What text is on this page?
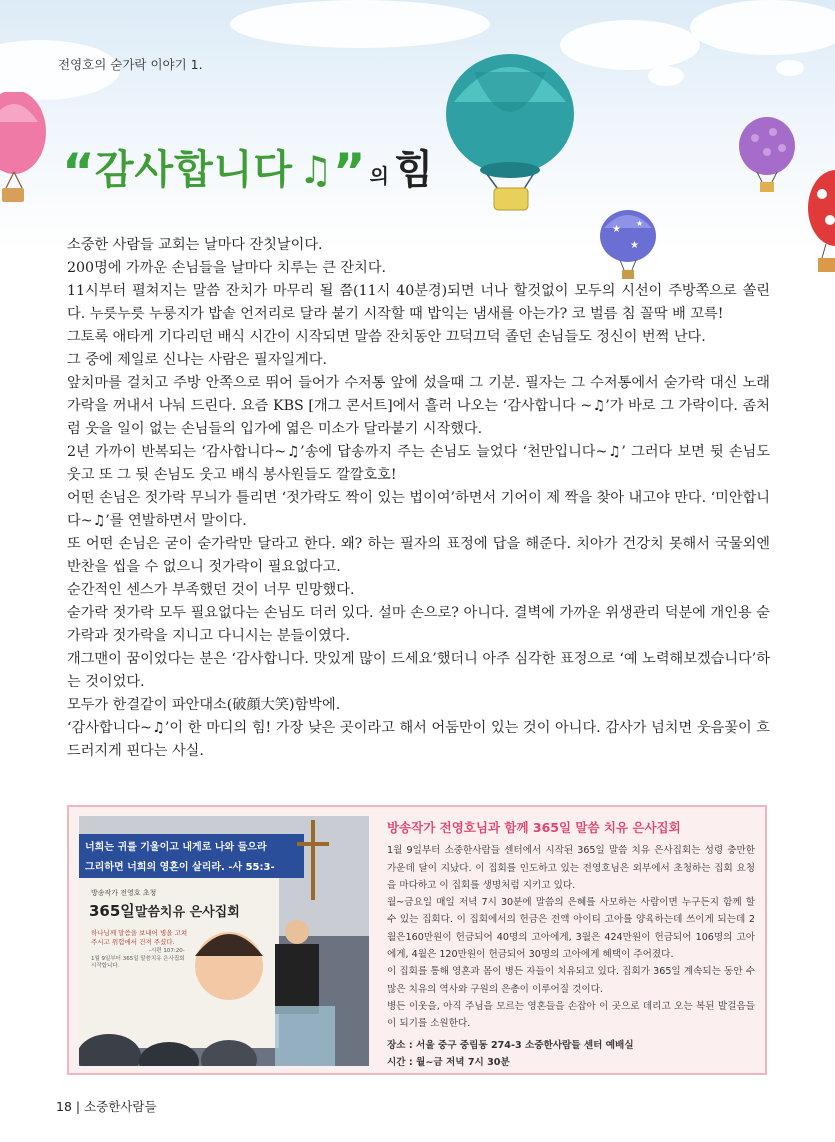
전영호의 숟가락 이야기 1.
★
★
★
“감사합니다 ♫” 의 힘

소중한 사람들 교회는 날마다 잔칫날이다.

200명에 가까운 손님들을 날마다 치루는 큰 잔치다.

11시부터 펼쳐지는 말씀 잔치가 마무리 될 쯤(11시 40분경)되면 너나 할것없이 모두의 시선이 주방쪽으로 쏠린다. 누릇누릇 누룽지가 밥솥 언저리로 달라 붙기 시작할 때 밥익는 냄새를 아는가? 코 벌름 침 꼴딱 배 꼬륵!

그토록 애타게 기다리던 배식 시간이 시작되면 말씀 잔치동안 끄덕끄덕 졸던 손님들도 정신이 번쩍 난다.

그 중에 제일로 신나는 사람은 필자일게다.

앞치마를 걸치고 주방 안쪽으로 뛰어 들어가 수저통 앞에 섰을때 그 기분. 필자는 그 수저통에서 숟가락 대신 노래가락을 꺼내서 나눠 드린다. 요즘 KBS [개그 콘서트]에서 흘러 나오는 ‘감사합니다 ~♫’가 바로 그 가락이다. 좀처럼 웃을 일이 없는 손님들의 입가에 엷은 미소가 달라붙기 시작했다.

2년 가까이 반복되는 ‘감사합니다~♫’송에 답송까지 주는 손님도 늘었다 ‘천만입니다~♫’ 그러다 보면 뒷 손님도 웃고 또 그 뒷 손님도 웃고 배식 봉사원들도 깔깔호호!

어떤 손님은 젓가락 무늬가 틀리면 ‘젓가락도 짝이 있는 법이여’하면서 기어이 제 짝을 찾아 내고야 만다. ‘미안합니다~♫’를 연발하면서 말이다.

또 어떤 손님은 굳이 숟가락만 달라고 한다. 왜? 하는 필자의 표정에 답을 해준다. 치아가 건강치 못해서 국물외엔 반찬을 씹을 수 없으니 젓가락이 필요없다고.

순간적인 센스가 부족했던 것이 너무 민망했다.

숟가락 젓가락 모두 필요없다는 손님도 더러 있다. 설마 손으로? 아니다. 결벽에 가까운 위생관리 덕분에 개인용 숟가락과 젓가락을 지니고 다니시는 분들이였다.

개그맨이 꿈이었다는 분은 ‘감사합니다. 맛있게 많이 드세요’했더니 아주 심각한 표정으로 ‘예 노력해보겠습니다’하는 것이었다.

모두가 한결같이 파안대소(破顔大笑)함박에.

‘감사합니다~♫’이 한 마디의 힘! 가장 낮은 곳이라고 해서 어둠만이 있는 것이 아니다. 감사가 넘치면 웃음꽃이 흐드러지게 핀다는 사실.

너희는 귀를 기울이고 내게로 나와 들으라
그리하면 너희의 영혼이 살리라. -사 55:3-
방송작가 전영호 초청
365일말씀치유 은사집회
하나님께 말씀을 보내어 병을 고쳐
주시고 위험에서 건져 주셨다.
-시편 107:20-
1월 9일부터 365일 말씀치유 은사집회 시작합니다.
방송작가 전영호님과 함께 365일 말씀 치유 은사집회

1월 9일부터 소중한사람들 센터에서 시작된 365일 말씀 치유 은사집회는 성령 충만한 가운데 달이 지났다. 이 집회를 인도하고 있는 전영호님은 외부에서 초청하는 집회 요청을 마다하고 이 집회를 생명처럼 지키고 있다.

월~금요일 매일 저녁 7시 30분에 말씀의 은혜를 사모하는 사람이면 누구든지 함께 할 수 있는 집회다. 이 집회에서의 헌금은 전액 아이티 고아를 양육하는데 쓰이게 되는데 2월은160만원이 헌금되어 40명의 고아에게, 3월은 424만원이 헌금되어 106명의 고아에게, 4월은 120만원이 헌금되어 30명의 고아에게 혜택이 주어졌다.

이 집회를 통해 영혼과 몸이 병든 자들이 치유되고 있다. 집회가 365일 계속되는 동안 수많은 치유의 역사와 구원의 은총이 이루어질 것이다.

병든 이웃을, 아직 주님을 모르는 영혼들을 손잡아 이 곳으로 데리고 오는 복된 발걸음들이 되기를 소원한다.

장소 : 서울 중구 중림동 274-3 소중한사람들 센터 예배실

시간 : 월~금 저녁 7시 30분

18 | 소중한사람들
